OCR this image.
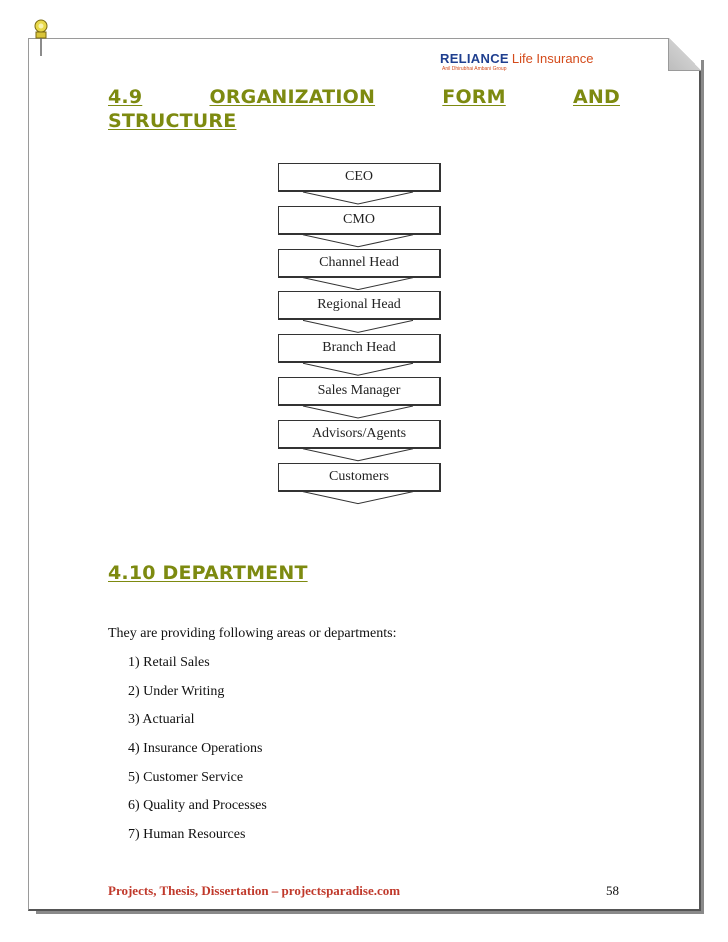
RELIANCE Life Insurance
Anil Dhirubhai Ambani Group
4.9	ORGANIZATION	FORM	AND
STRUCTURE
CEO
CMO
Channel Head
Regional Head
Branch Head
Sales Manager
Advisors/Agents
Customers
4.10 DEPARTMENT
They are providing following areas or departments:
1) Retail Sales
2) Under Writing
3) Actuarial
4) Insurance Operations
5) Customer Service
6) Quality and Processes
7) Human Resources
Projects, Thesis, Dissertation – projectsparadise.com	58
